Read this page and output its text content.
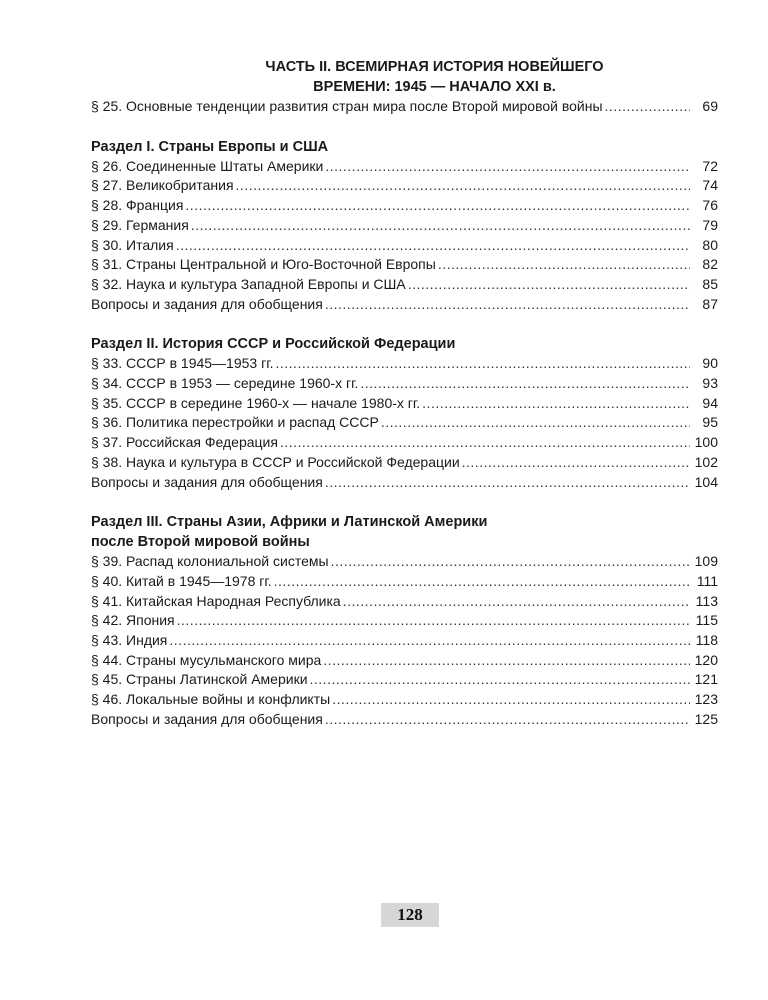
ЧАСТЬ II. ВСЕМИРНАЯ ИСТОРИЯ НОВЕЙШЕГО
ВРЕМЕНИ: 1945 — НАЧАЛО XXI в.
§ 25. Основные тенденции развития стран мира после Второй мировой войны .....	69
Раздел I. Страны Европы и США
§ 26. Соединенные Штаты Америки .....	72
§ 27. Великобритания .....	74
§ 28. Франция .....	76
§ 29. Германия .....	79
§ 30. Италия .....	80
§ 31. Страны Центральной и Юго-Восточной Европы .....	82
§ 32. Наука и культура Западной Европы и США .....	85
Вопросы и задания для обобщения .....	87
Раздел II. История СССР и Российской Федерации
§ 33. СССР в 1945—1953 гг. .....	90
§ 34. СССР в 1953 — середине 1960-х гг. .....	93
§ 35. СССР в середине 1960-х — начале 1980-х гг. .....	94
§ 36. Политика перестройки и распад СССР .....	95
§ 37. Российская Федерация .....	100
§ 38. Наука и культура в СССР и Российской Федерации .....	102
Вопросы и задания для обобщения .....	104
Раздел III. Страны Азии, Африки и Латинской Америки
после Второй мировой войны
§ 39. Распад колониальной системы .....	109
§ 40. Китай в 1945—1978 гг. .....	111
§ 41. Китайская Народная Республика .....	113
§ 42. Япония .....	115
§ 43. Индия .....	118
§ 44. Страны мусульманского мира .....	120
§ 45. Страны Латинской Америки .....	121
§ 46. Локальные войны и конфликты .....	123
Вопросы и задания для обобщения .....	125
128
